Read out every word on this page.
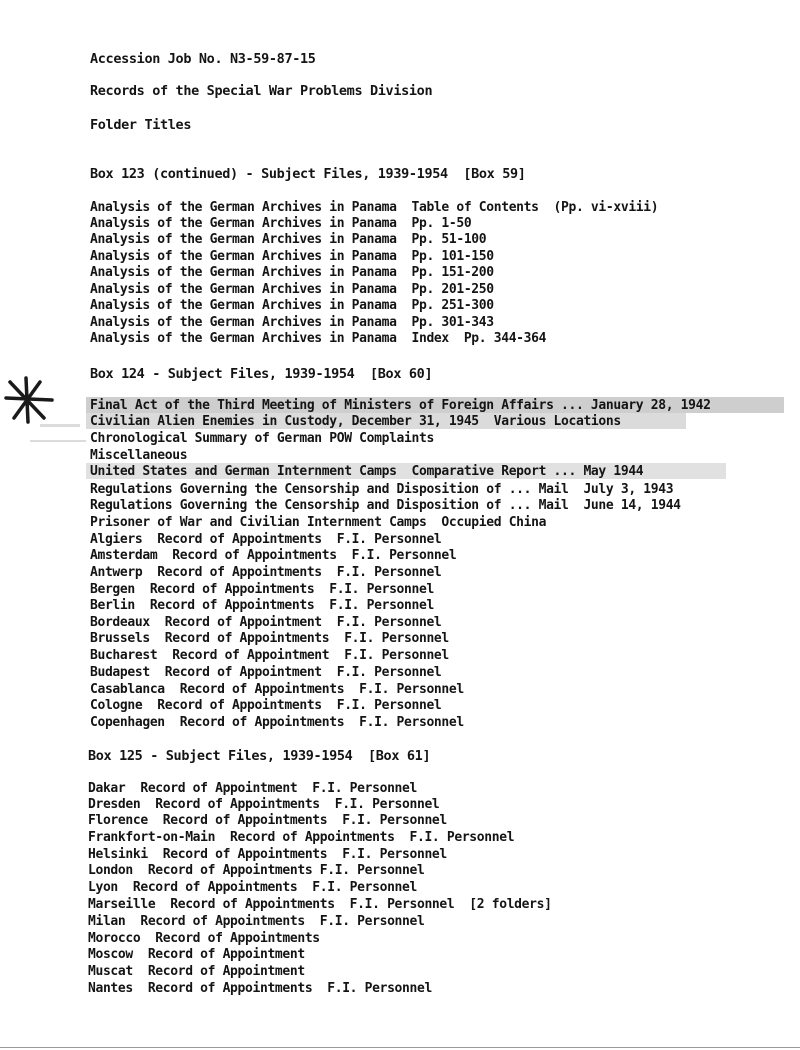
Accession Job No. N3-59-87-15
Records of the Special War Problems Division
Folder Titles
Box 123 (continued) - Subject Files, 1939-1954  [Box 59]
Analysis of the German Archives in Panama  Table of Contents  (Pp. vi-xviii)
Analysis of the German Archives in Panama  Pp. 1-50
Analysis of the German Archives in Panama  Pp. 51-100
Analysis of the German Archives in Panama  Pp. 101-150
Analysis of the German Archives in Panama  Pp. 151-200
Analysis of the German Archives in Panama  Pp. 201-250
Analysis of the German Archives in Panama  Pp. 251-300
Analysis of the German Archives in Panama  Pp. 301-343
Analysis of the German Archives in Panama  Index  Pp. 344-364
Box 124 - Subject Files, 1939-1954  [Box 60]
Final Act of the Third Meeting of Ministers of Foreign Affairs ... January 28, 1942
Civilian Alien Enemies in Custody, December 31, 1945  Various Locations
Chronological Summary of German POW Complaints
Miscellaneous
United States and German Internment Camps  Comparative Report ... May 1944
Regulations Governing the Censorship and Disposition of ... Mail  July 3, 1943
Regulations Governing the Censorship and Disposition of ... Mail  June 14, 1944
Prisoner of War and Civilian Internment Camps  Occupied China
Algiers  Record of Appointments  F.I. Personnel
Amsterdam  Record of Appointments  F.I. Personnel
Antwerp  Record of Appointments  F.I. Personnel
Bergen  Record of Appointments  F.I. Personnel
Berlin  Record of Appointments  F.I. Personnel
Bordeaux  Record of Appointment  F.I. Personnel
Brussels  Record of Appointments  F.I. Personnel
Bucharest  Record of Appointment  F.I. Personnel
Budapest  Record of Appointment  F.I. Personnel
Casablanca  Record of Appointments  F.I. Personnel
Cologne  Record of Appointments  F.I. Personnel
Copenhagen  Record of Appointments  F.I. Personnel
Box 125 - Subject Files, 1939-1954  [Box 61]
Dakar  Record of Appointment  F.I. Personnel
Dresden  Record of Appointments  F.I. Personnel
Florence  Record of Appointments  F.I. Personnel
Frankfort-on-Main  Record of Appointments  F.I. Personnel
Helsinki  Record of Appointments  F.I. Personnel
London  Record of Appointments F.I. Personnel
Lyon  Record of Appointments  F.I. Personnel
Marseille  Record of Appointments  F.I. Personnel  [2 folders]
Milan  Record of Appointments  F.I. Personnel
Morocco  Record of Appointments
Moscow  Record of Appointment
Muscat  Record of Appointment
Nantes  Record of Appointments  F.I. Personnel
